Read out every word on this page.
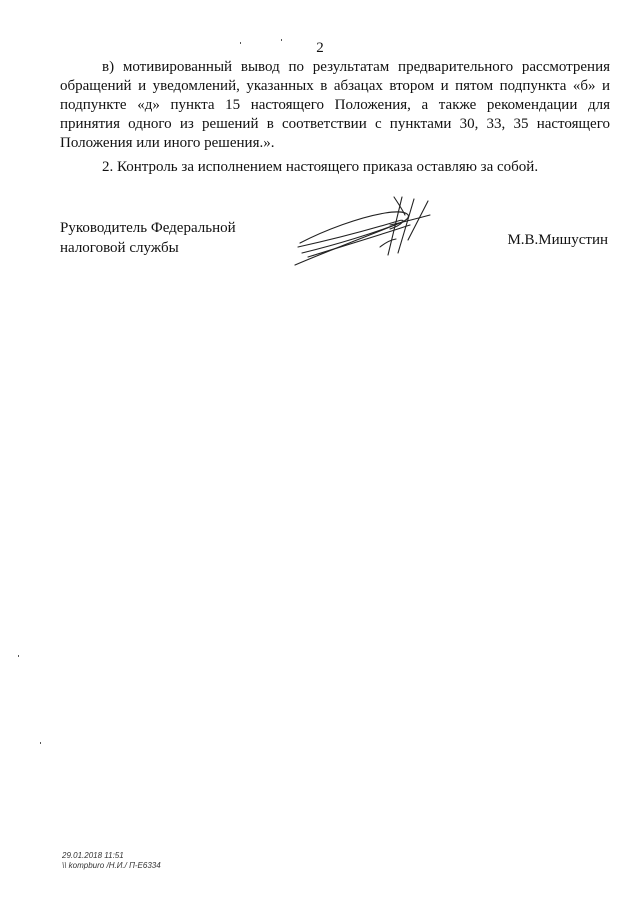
2

в) мотивированный вывод по результатам предварительного рассмотрения обращений и уведомлений, указанных в абзацах втором и пятом подпункта «б» и подпункте «д» пункта 15 настоящего Положения, а также рекомендации для принятия одного из решений в соответствии с пунктами 30, 33, 35 настоящего Положения или иного решения.».

2. Контроль за исполнением настоящего приказа оставляю за собой.

Руководитель Федеральной
налоговой службы	М.В.Мишустин
29.01.2018 11:51
\\ kompburo /Н.И./ П-Е6334
